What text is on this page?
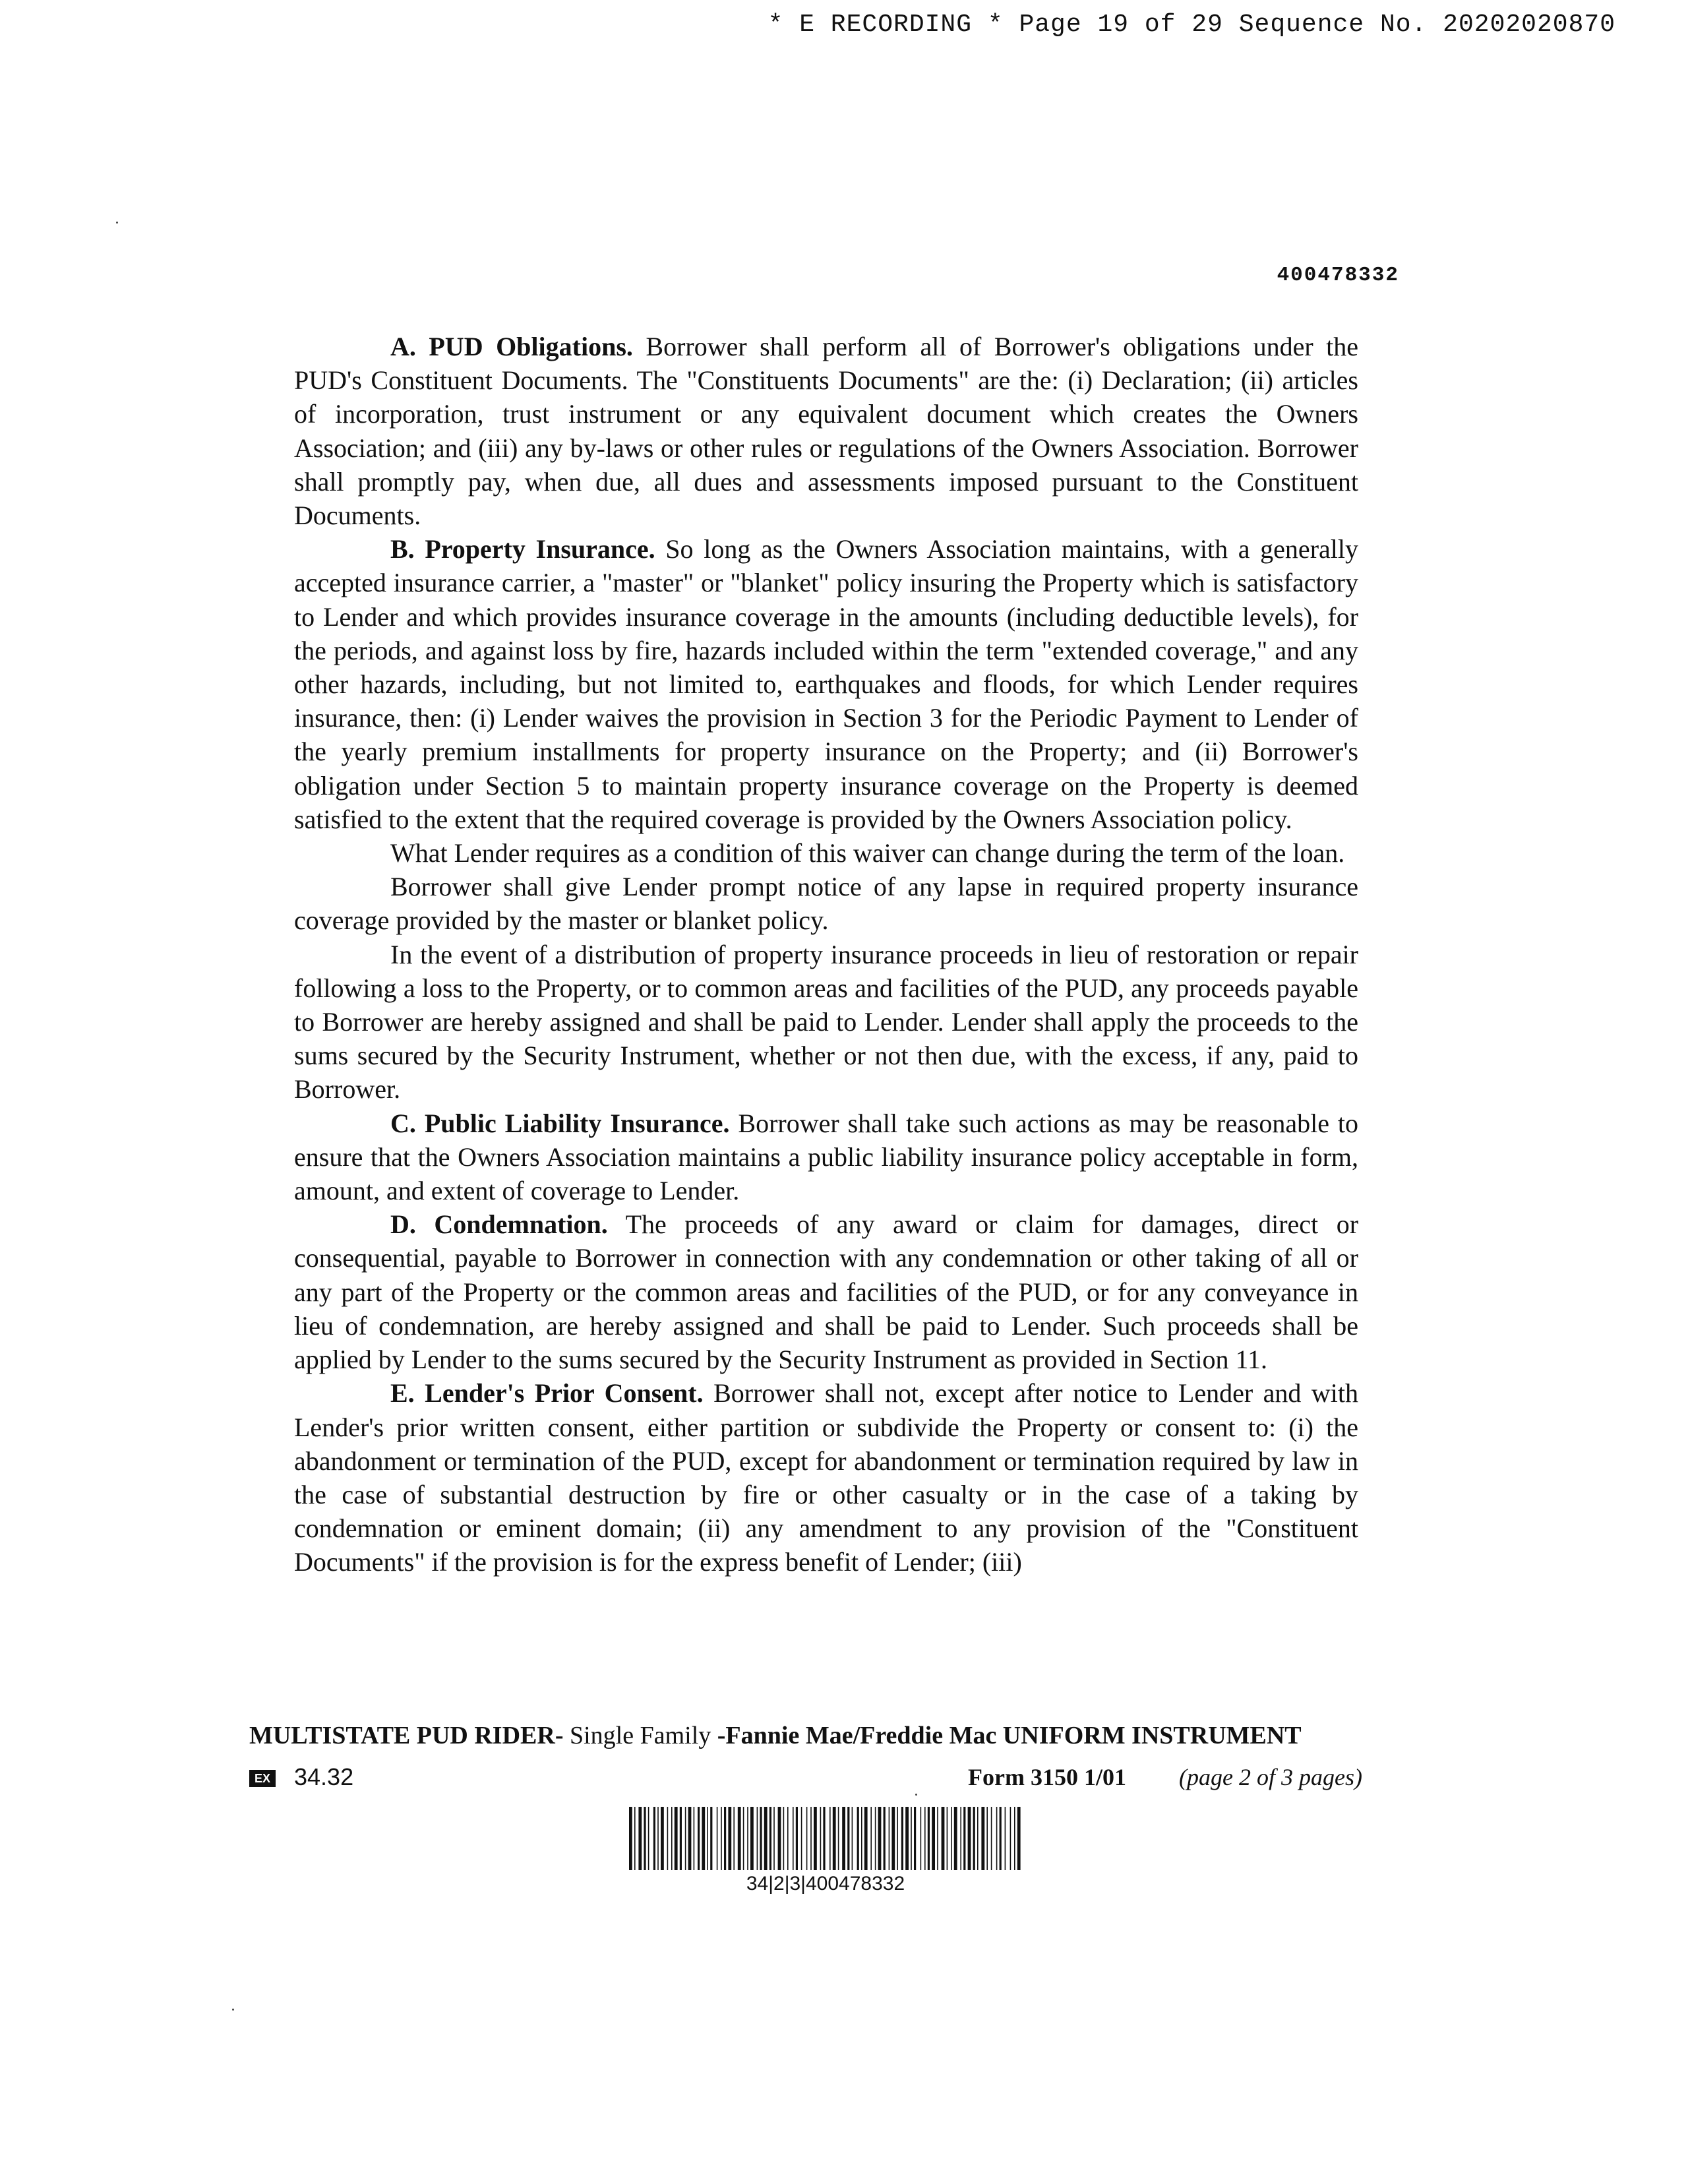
* E RECORDING * Page 19 of 29 Sequence No. 20202020870
400478332

A. PUD Obligations. Borrower shall perform all of Borrower's obligations under the PUD's Constituent Documents. The "Constituents Documents" are the: (i) Declaration; (ii) articles of incorporation, trust instrument or any equivalent document which creates the Owners Association; and (iii) any by-laws or other rules or regulations of the Owners Association. Borrower shall promptly pay, when due, all dues and assessments imposed pursuant to the Constituent Documents.

B. Property Insurance. So long as the Owners Association maintains, with a generally accepted insurance carrier, a "master" or "blanket" policy insuring the Property which is satisfactory to Lender and which provides insurance coverage in the amounts (including deductible levels), for the periods, and against loss by fire, hazards included within the term "extended coverage," and any other hazards, including, but not limited to, earthquakes and floods, for which Lender requires insurance, then: (i) Lender waives the provision in Section 3 for the Periodic Payment to Lender of the yearly premium installments for property insurance on the Property; and (ii) Borrower's obligation under Section 5 to maintain property insurance coverage on the Property is deemed satisfied to the extent that the required coverage is provided by the Owners Association policy.

What Lender requires as a condition of this waiver can change during the term of the loan.

Borrower shall give Lender prompt notice of any lapse in required property insurance coverage provided by the master or blanket policy.

In the event of a distribution of property insurance proceeds in lieu of restoration or repair following a loss to the Property, or to common areas and facilities of the PUD, any proceeds payable to Borrower are hereby assigned and shall be paid to Lender. Lender shall apply the proceeds to the sums secured by the Security Instrument, whether or not then due, with the excess, if any, paid to Borrower.

C. Public Liability Insurance. Borrower shall take such actions as may be reasonable to ensure that the Owners Association maintains a public liability insurance policy acceptable in form, amount, and extent of coverage to Lender.

D. Condemnation. The proceeds of any award or claim for damages, direct or consequential, payable to Borrower in connection with any condemnation or other taking of all or any part of the Property or the common areas and facilities of the PUD, or for any conveyance in lieu of condemnation, are hereby assigned and shall be paid to Lender. Such proceeds shall be applied by Lender to the sums secured by the Security Instrument as provided in Section 11.

E. Lender's Prior Consent. Borrower shall not, except after notice to Lender and with Lender's prior written consent, either partition or subdivide the Property or consent to: (i) the abandonment or termination of the PUD, except for abandonment or termination required by law in the case of substantial destruction by fire or other casualty or in the case of a taking by condemnation or eminent domain; (ii) any amendment to any provision of the "Constituent Documents" if the provision is for the express benefit of Lender; (iii)

MULTISTATE PUD RIDER- Single Family -Fannie Mae/Freddie Mac UNIFORM INSTRUMENT
EX 34.32	Form 3150 1/01 (page 2 of 3 pages)
34|2|3|400478332
